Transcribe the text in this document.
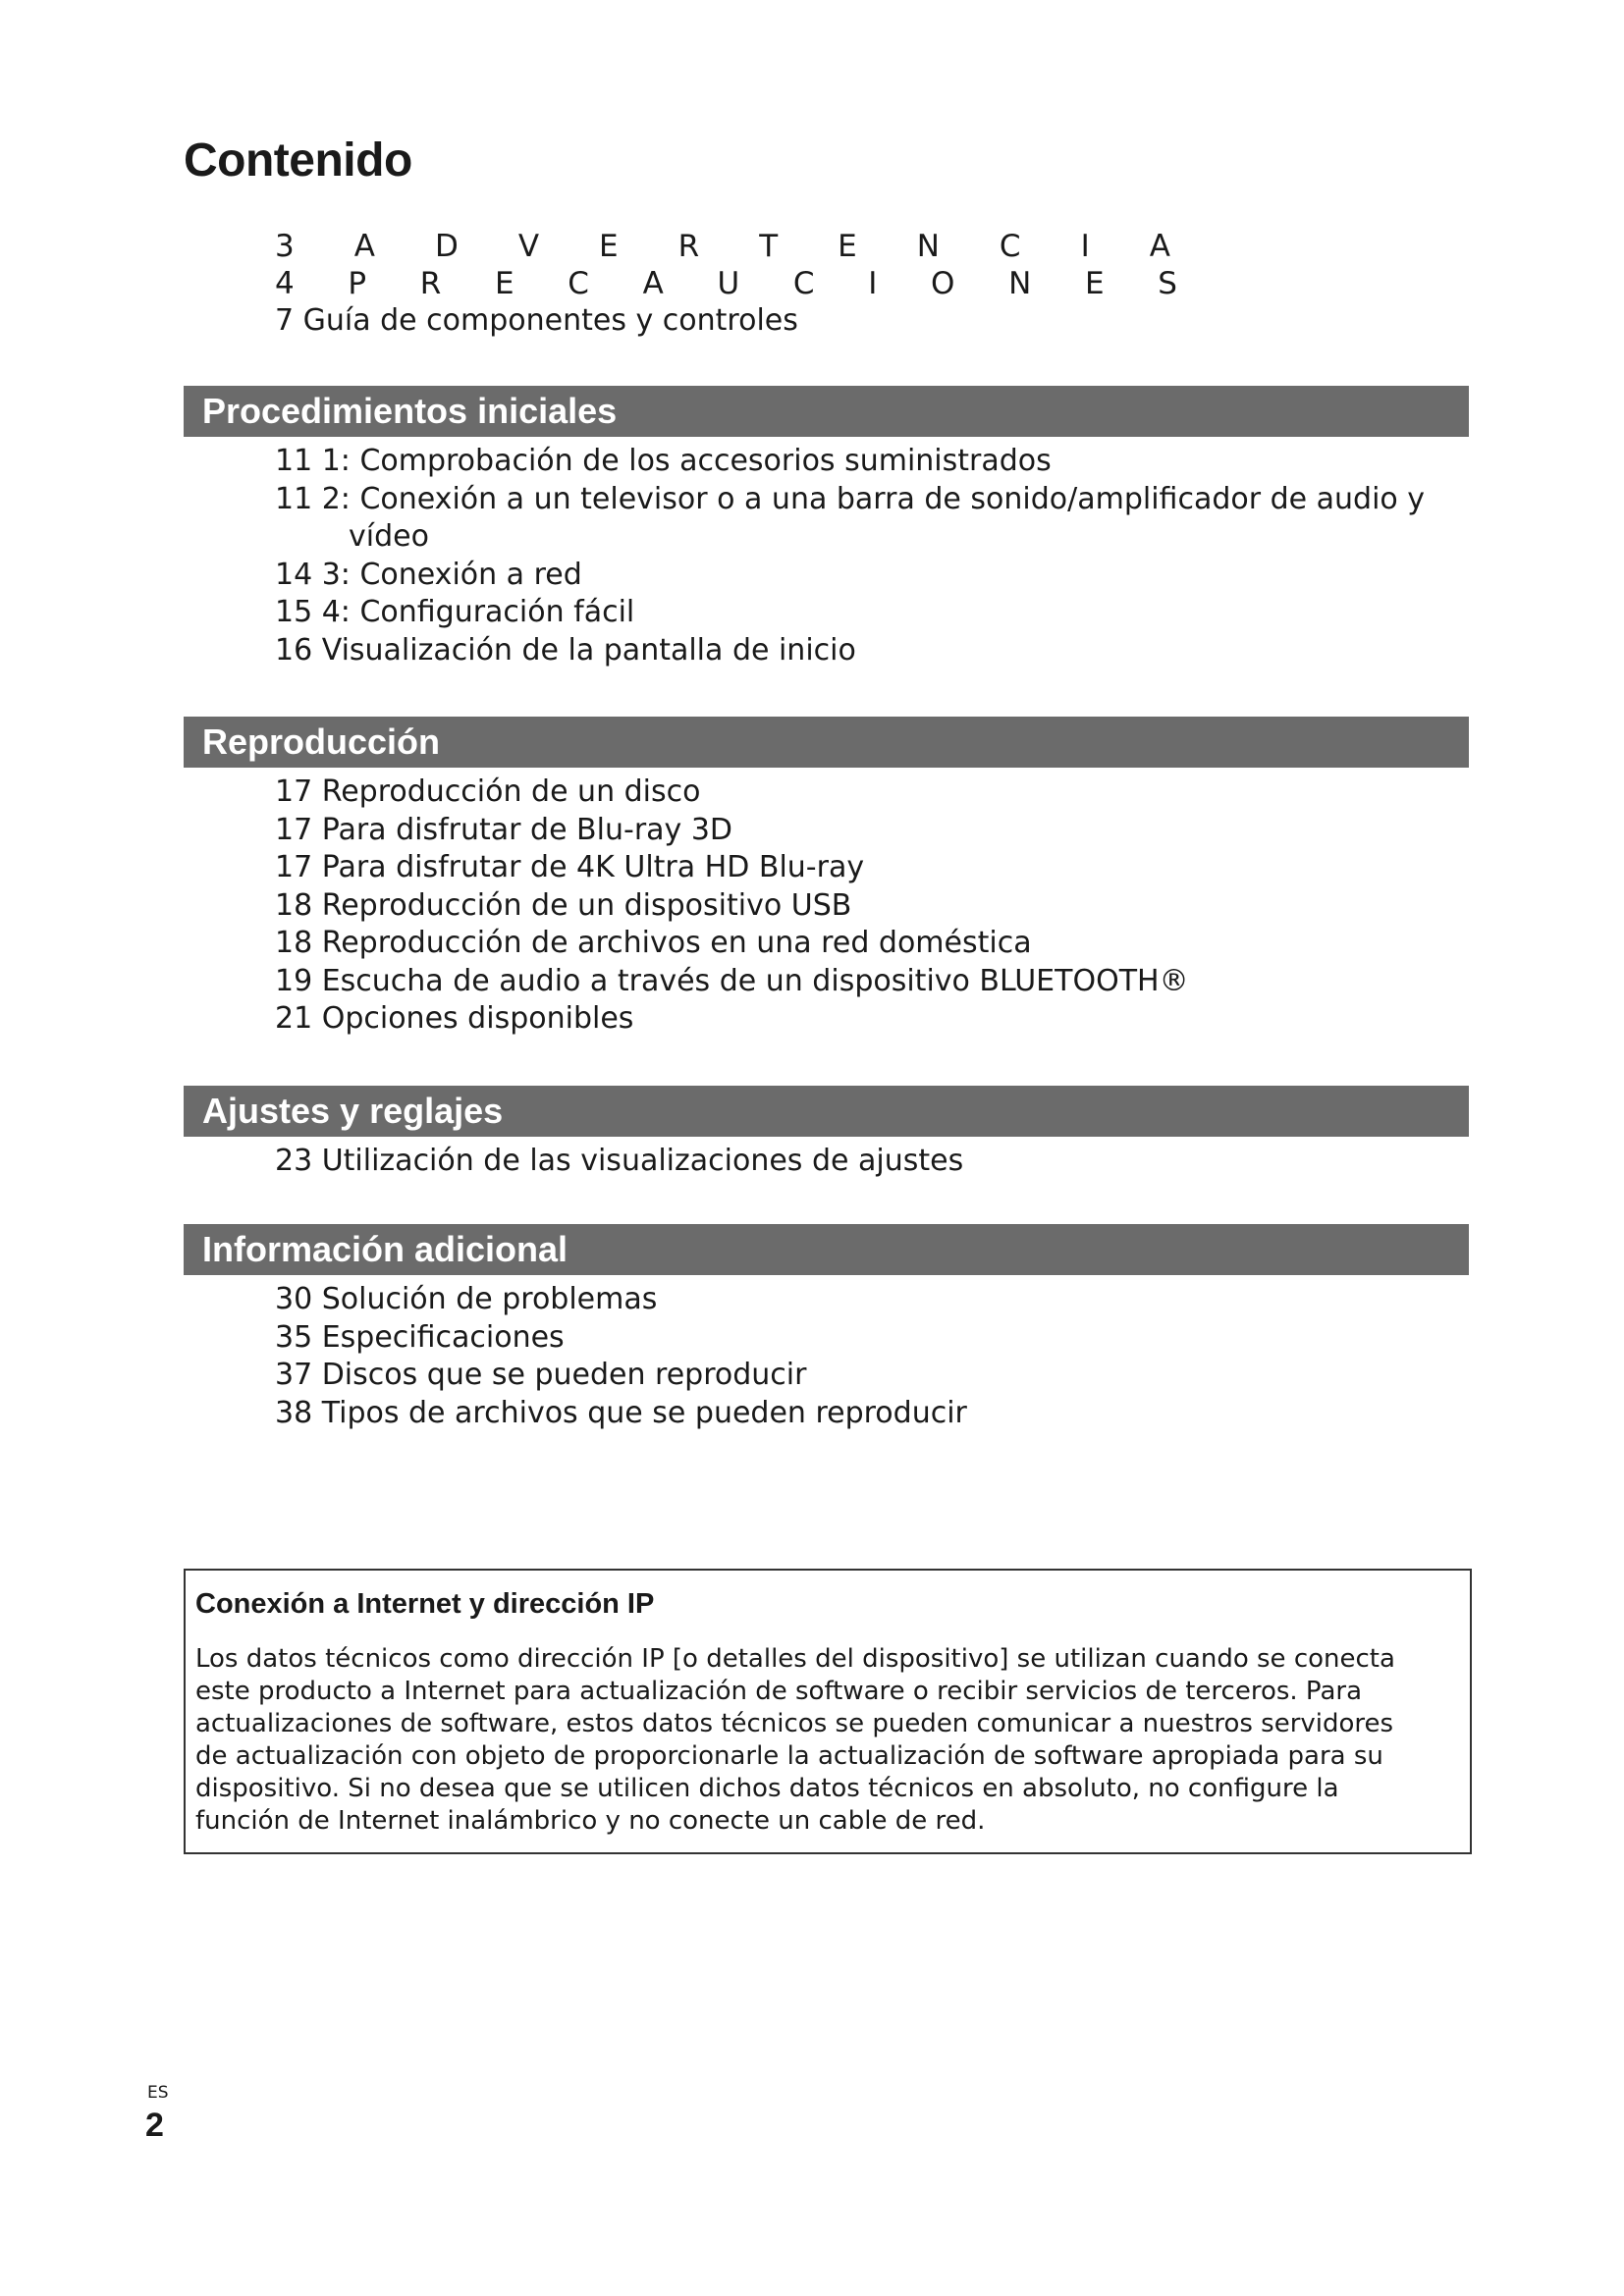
Contenido
3 A D V E R T E N C I A
4 P R E C A U C I O N E S
7 Guía de componentes y controles
Procedimientos iniciales
11 1: Comprobación de los accesorios suministrados
11 2: Conexión a un televisor o a una barra de sonido/amplificador de audio y
vídeo
14 3: Conexión a red
15 4: Configuración fácil
16 Visualización de la pantalla de inicio
Reproducción
17 Reproducción de un disco
17 Para disfrutar de Blu-ray 3D
17 Para disfrutar de 4K Ultra HD Blu-ray
18 Reproducción de un dispositivo USB
18 Reproducción de archivos en una red doméstica
19 Escucha de audio a través de un dispositivo BLUETOOTH®
21 Opciones disponibles
Ajustes y reglajes
23 Utilización de las visualizaciones de ajustes
Información adicional
30 Solución de problemas
35 Especificaciones
37 Discos que se pueden reproducir
38 Tipos de archivos que se pueden reproducir
Conexión a Internet y dirección IP

Los datos técnicos como dirección IP [o detalles del dispositivo] se utilizan cuando se conecta
este producto a Internet para actualización de software o recibir servicios de terceros. Para
actualizaciones de software, estos datos técnicos se pueden comunicar a nuestros servidores
de actualización con objeto de proporcionarle la actualización de software apropiada para su
dispositivo. Si no desea que se utilicen dichos datos técnicos en absoluto, no configure la
función de Internet inalámbrico y no conecte un cable de red.

ES
2
